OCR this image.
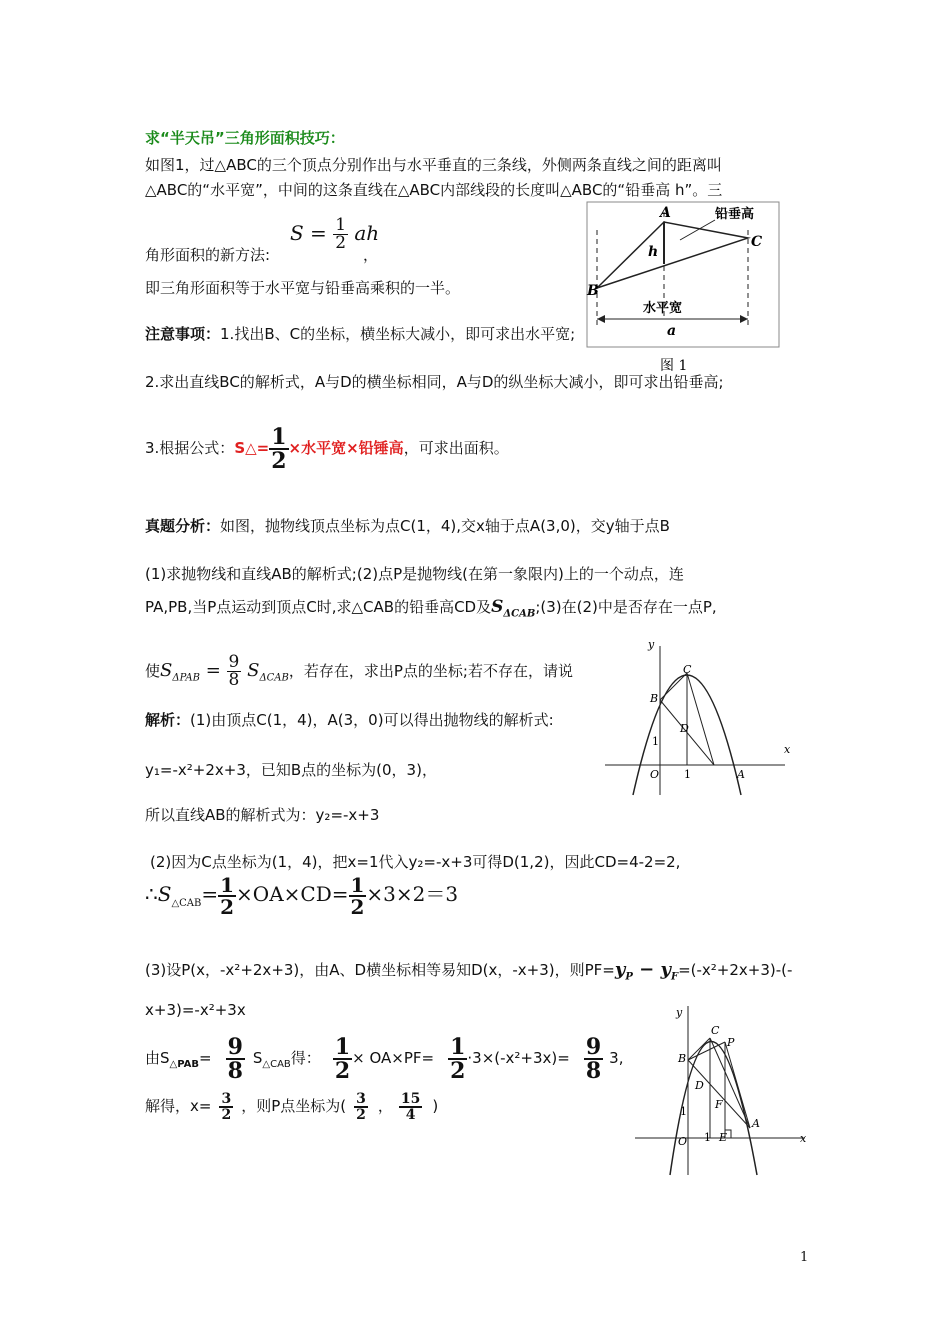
求“半天吊”三角形面积技巧：
如图1，过△ABC的三个顶点分别作出与水平垂直的三条线，外侧两条直线之间的距离叫
△ABC的“水平宽”，中间的这条直线在△ABC内部线段的长度叫△ABC的“铅垂高 h”。三
角形面积的新方法:
$S = \frac{1}{2}$ ah
，
即三角形面积等于水平宽与铅垂高乘积的一半。
A
B
C
h
a
铅垂高
水平宽
图 1
注意事项：1.找出B、C的坐标，横坐标大减小，即可求出水平宽;
2.求出直线BC的解析式，A与D的横坐标相同，A与D的纵坐标大减小，即可求出铅垂高;
3.根据公式：S△= $\frac{1}{2}$ ×水平宽×铅锤高，可求出面积。
真题分析：如图，抛物线顶点坐标为点C(1，4),交x轴于点A(3,0)，交y轴于点B
(1)求抛物线和直线AB的解析式;(2)点P是抛物线(在第一象限内)上的一个动点，连
PA,PB,当P点运动到顶点C时,求△CAB的铅垂高CD及$S_{\Delta CAB};(3)$在(2)中是否存在一点P,
使$S_{\Delta PAB} = \frac{9}{8} S_{\Delta CAB}$，若存在，求出P点的坐标;若不存在，请说
x
y
O	A
B
C
D
1
1
解析：(1)由顶点C(1，4)，A(3，0)可以得出抛物线的解析式:
y₁=-x²+2x+3，已知B点的坐标为(0，3)，
所以直线AB的解析式为：y₂=-x+3
(2)因为C点坐标为(1，4)，把x=1代入y₂=-x+3可得D(1,2)，因此CD=4-2=2,
$\therefore S_{\triangle CAB}= \frac{1}{2} \times OA\times CD= \frac{1}{2} \times 3\times 2=3$
(3)设P(x，-x²+2x+3)，由A、D横坐标相等易知D(x，-x+3)，则$PF=y_P - y_F=(-x^2+2x+3)-(-$
x+3)=-x²+3x
由$S_{\triangle PAB}= \frac{9}{8} S_{\triangle CAB}$得： $\frac{1}{2} \times OA\times PF= \frac{1}{2} \cdot 3\times(-x^2+3x)= \frac{9}{8} 3$,
解得，$x= \frac{3}{2}$ ，则P点坐标为( $\frac{3}{2}$ ， $\frac{15}{4}$ )
x
y
O
A
B
C
D
P
F
E
1
1
1
